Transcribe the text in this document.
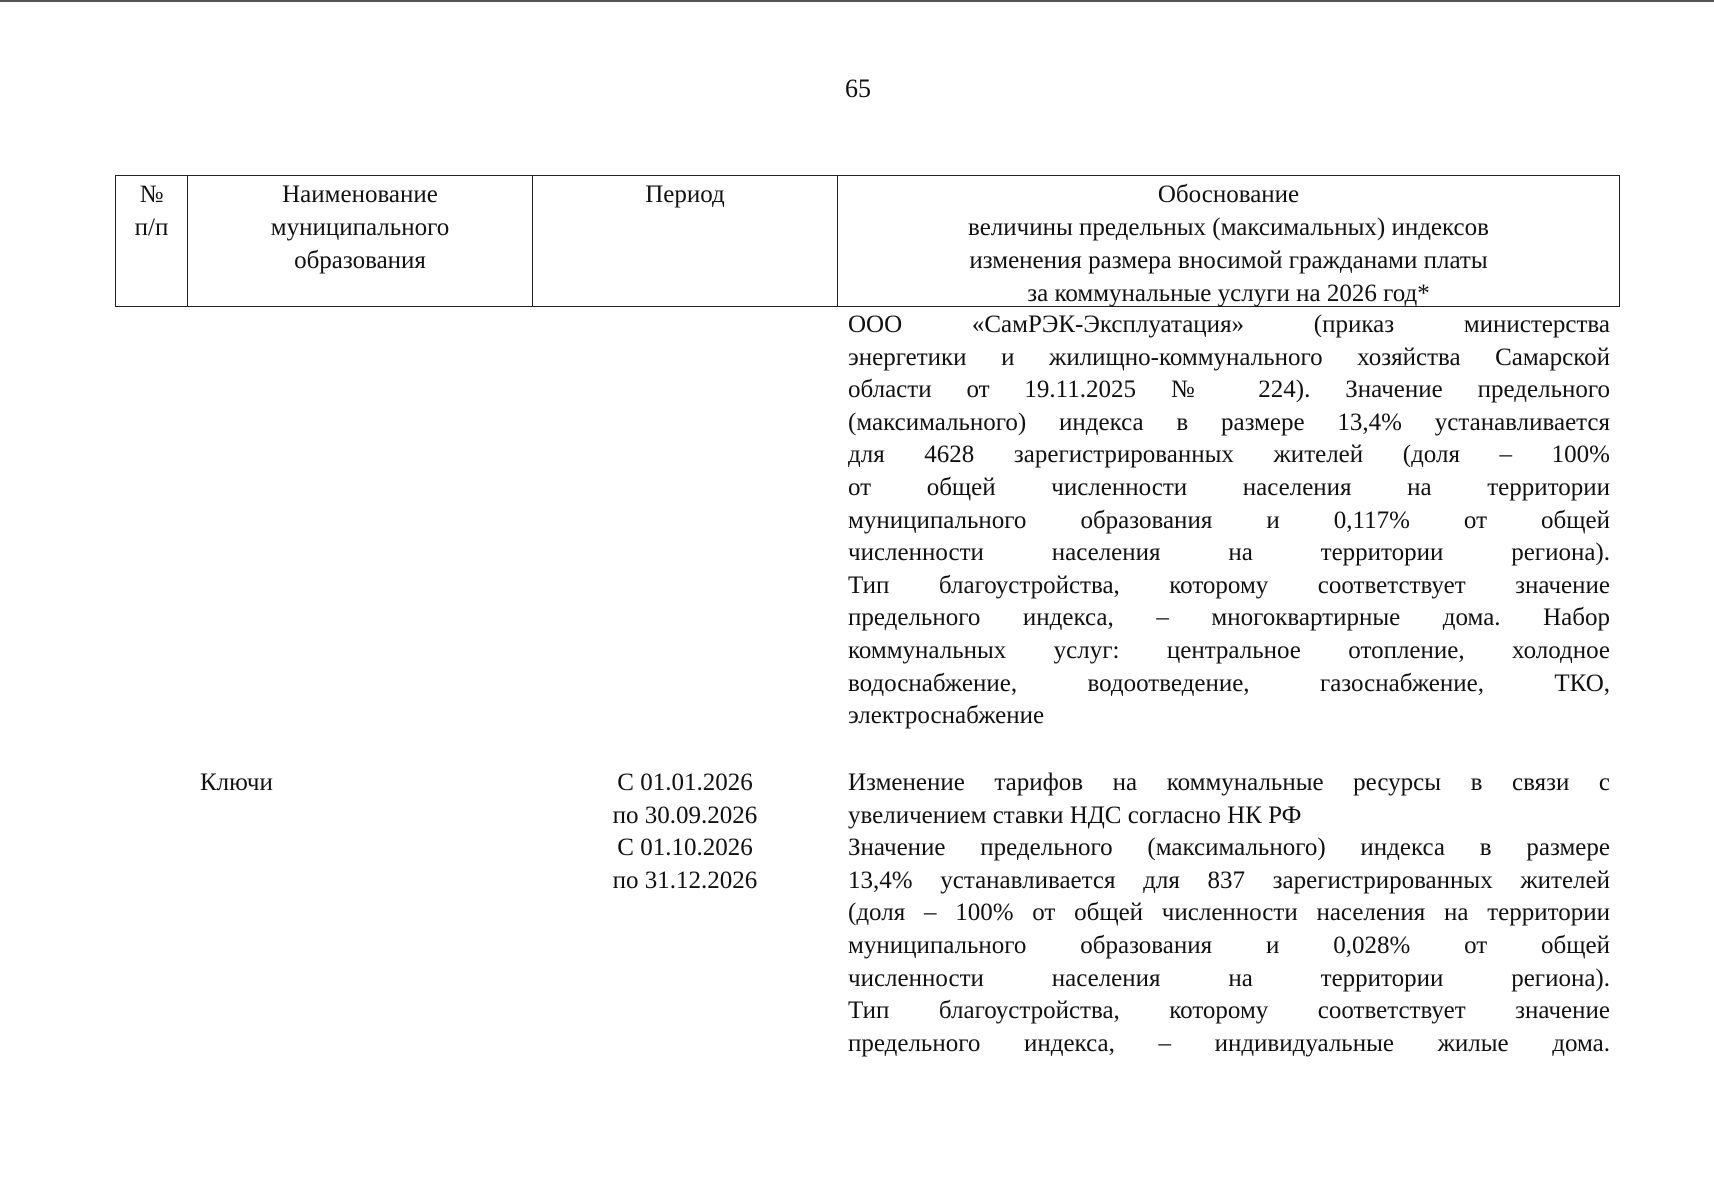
65
№
п/п
Наименование
муниципального
образования
Период	Обоснование
величины предельных (максимальных) индексов
изменения размера вносимой гражданами платы
за коммунальные услуги на 2026 год*
ООО «СамРЭК-Эксплуатация» (приказ министерства
энергетики и жилищно-коммунального хозяйства Самарской
области от 19.11.2025 № 224). Значение предельного
(максимального) индекса в размере 13,4% устанавливается
для 4628 зарегистрированных жителей (доля – 100%
от общей численности населения на территории
муниципального образования и 0,117% от общей
численности населения на территории региона).
Тип благоустройства, которому соответствует значение
предельного индекса, – многоквартирные дома. Набор
коммунальных услуг: центральное отопление, холодное
водоснабжение, водоотведение, газоснабжение, ТКО,
электроснабжение
Ключи	С 01.01.2026
по 30.09.2026
С 01.10.2026
по 31.12.2026
Изменение тарифов на коммунальные ресурсы в связи с
увеличением ставки НДС согласно НК РФ
Значение предельного (максимального) индекса в размере
13,4% устанавливается для 837 зарегистрированных жителей
(доля – 100% от общей численности населения на территории
муниципального образования и 0,028% от общей
численности населения на территории региона).
Тип благоустройства, которому соответствует значение
предельного индекса, – индивидуальные жилые дома.
